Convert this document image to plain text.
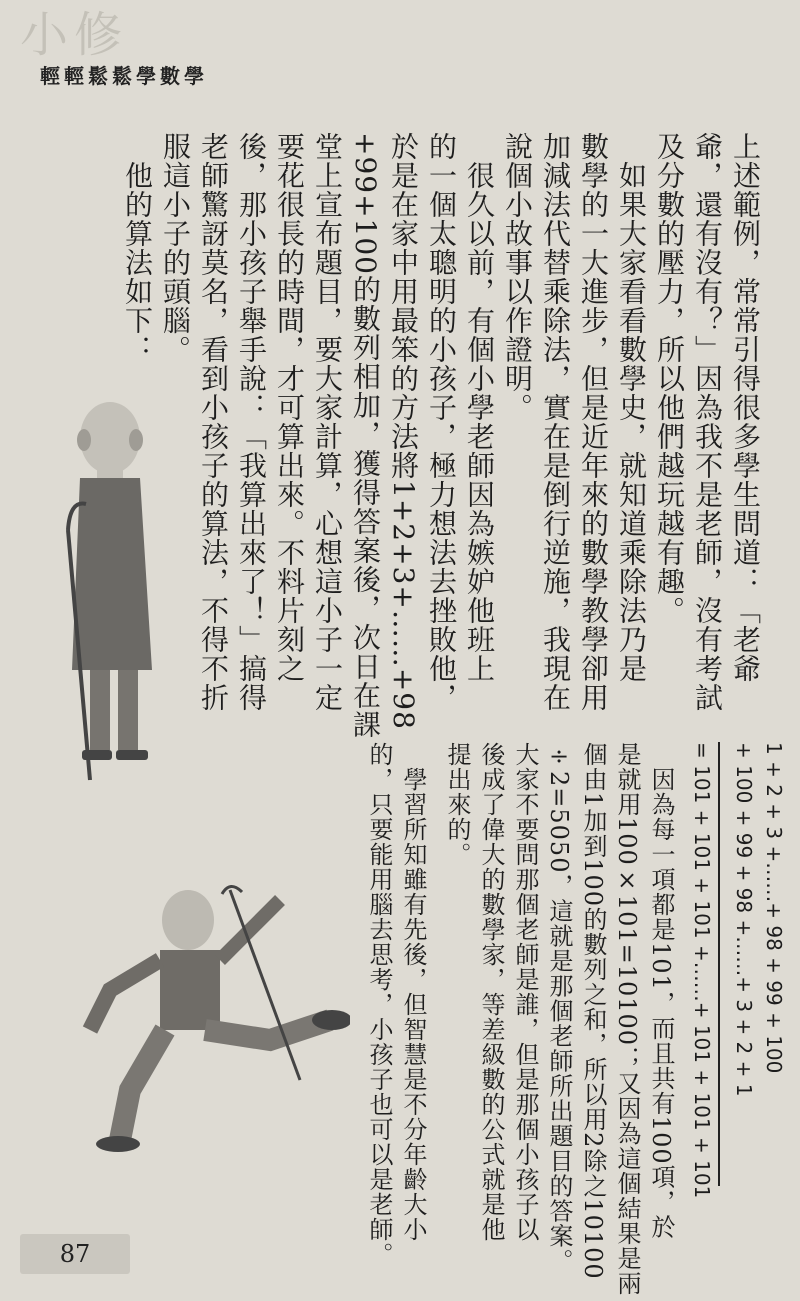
小修
輕輕鬆鬆學數學
上述範例，常常引得很多學生問道：「老爺
爺，還有沒有？」因為我不是老師，沒有考試
及分數的壓力，所以他們越玩越有趣。
　如果大家看看數學史，就知道乘除法乃是
數學的一大進步，但是近年來的數學教學卻用
加減法代替乘除法，實在是倒行逆施，我現在
說個小故事以作證明。
　很久以前，有個小學老師因為嫉妒他班上
的一個太聰明的小孩子，極力想法去挫敗他，
於是在家中用最笨的方法將1+2+3+……+98
+99+100的數列相加，獲得答案後，次日在課
堂上宣布題目，要大家計算，心想這小子一定
要花很長的時間，才可算出來。不料片刻之
後，那小孩子舉手說：「我算出來了！」搞得
老師驚訝莫名，看到小孩子的算法，不得不折
服這小子的頭腦。
　他的算法如下：
1 + 2 + 3 +……+ 98 + 99 + 100
+ 100 + 99 + 98 +……+ 3 + 2 + 1
= 101 + 101 + 101 +……+ 101 + 101 + 101
　因為每一項都是101，而且共有100項，於
是就用100×101=10100；又因為這個結果是兩
個由1加到100的數列之和，所以用2除之10100
÷2=5050，這就是那個老師所出題目的答案。
大家不要問那個老師是誰，但是那個小孩子以
後成了偉大的數學家，等差級數的公式就是他
提出來的。
　學習所知雖有先後，但智慧是不分年齡大小
的，只要能用腦去思考，小孩子也可以是老師。
87
